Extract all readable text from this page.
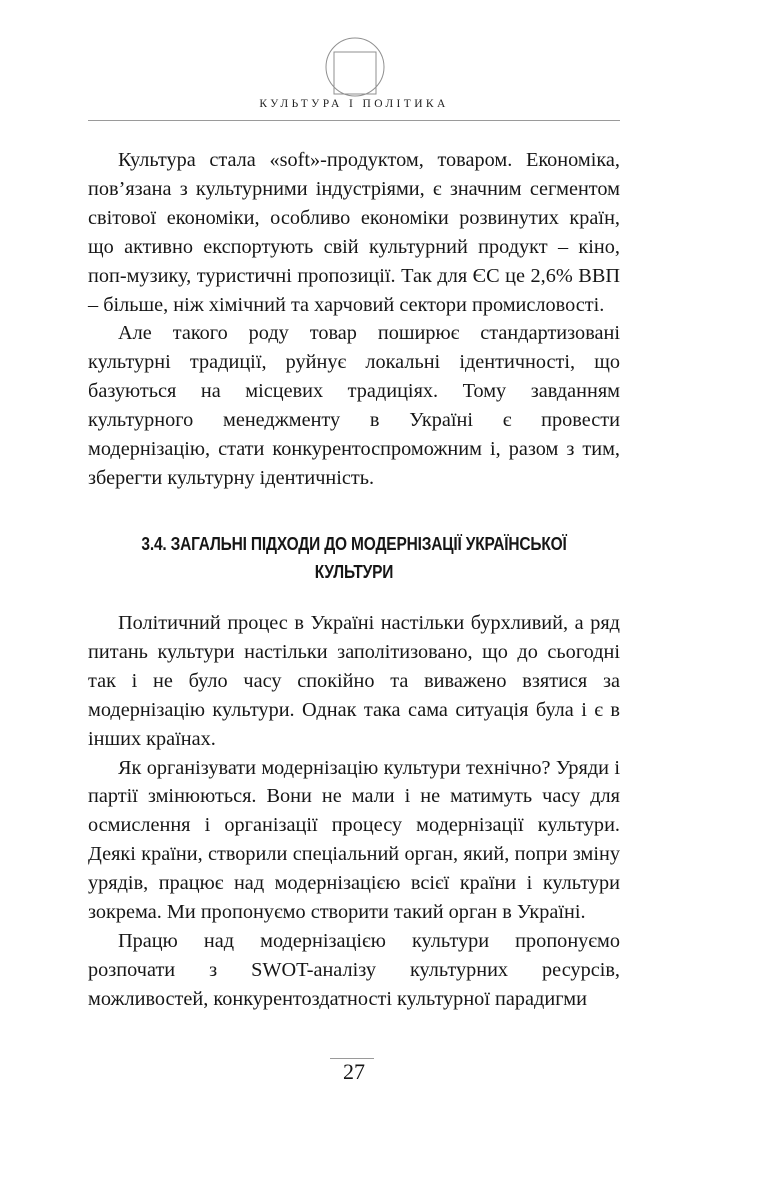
КУЛЬТУРА І ПОЛІТИКА

Культура стала «soft»-продуктом, товаром. Економіка, пов’язана з культурними індустріями, є значним сегментом світової економіки, особливо економіки розвинутих країн, що активно експортують свій культурний продукт – кіно, поп-музику, туристичні пропозиції. Так для ЄС це 2,6% ВВП – більше, ніж хімічний та харчовий сектори промисловості.

Але такого роду товар поширює стандартизовані культурні традиції, руйнує локальні ідентичності, що базуються на місцевих традиціях. Тому завданням культурного менеджменту в Україні є провести модернізацію, стати конкурентоспроможним і, разом з тим, зберегти культурну ідентичність.

3.4. ЗАГАЛЬНІ ПІДХОДИ ДО МОДЕРНІЗАЦІЇ УКРАЇНСЬКОЇ
КУЛЬТУРИ

Політичний процес в Україні настільки бурхливий, а ряд питань культури настільки заполітизовано, що до сьогодні так і не було часу спокійно та виважено взятися за модернізацію культури. Однак така сама ситуація була і є в інших країнах.

Як організувати модернізацію культури технічно? Уряди і партії змінюються. Вони не мали і не матимуть часу для осмислення і організації процесу модернізації культури. Деякі країни, створили спеціальний орган, який, попри зміну урядів, працює над модернізацією всієї країни і культури зокрема. Ми пропонуємо створити такий орган в Україні.

Працю над модернізацією культури пропонуємо розпочати з SWOT-аналізу культурних ресурсів, можливостей, конкурентоздатності культурної парадигми

27
